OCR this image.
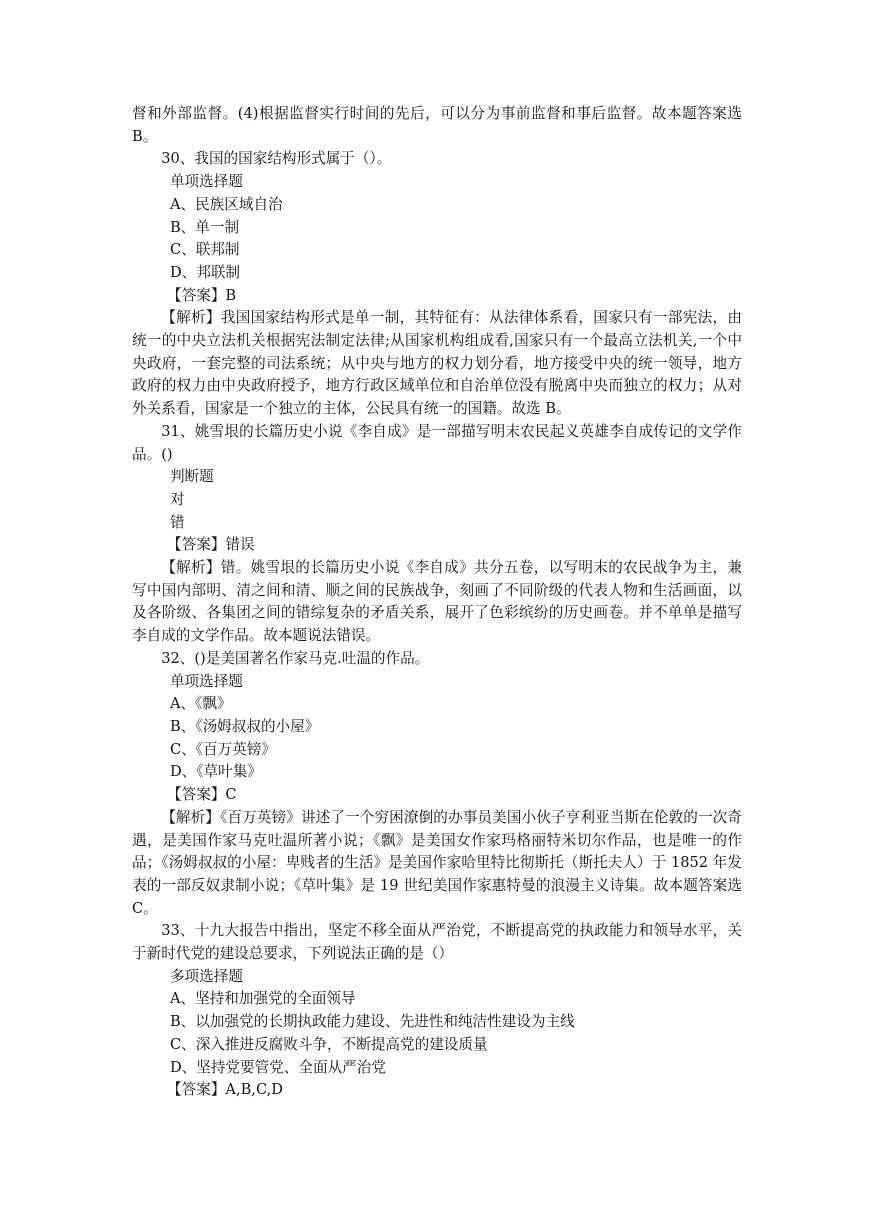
督和外部监督。(4)根据监督实行时间的先后，可以分为事前监督和事后监督。故本题答案选 B。

30、我国的国家结构形式属于（）。

单项选择题

A、民族区域自治

B、单一制

C、联邦制

D、邦联制

【答案】B

【解析】我国国家结构形式是单一制，其特征有：从法律体系看，国家只有一部宪法，由统一的中央立法机关根据宪法制定法律;从国家机构组成看,国家只有一个最高立法机关,一个中央政府，一套完整的司法系统；从中央与地方的权力划分看，地方接受中央的统一领导，地方政府的权力由中央政府授予，地方行政区域单位和自治单位没有脱离中央而独立的权力；从对外关系看，国家是一个独立的主体，公民具有统一的国籍。故选 B。

31、姚雪垠的长篇历史小说《李自成》是一部描写明末农民起义英雄李自成传记的文学作品。()

判断题

对

错

【答案】错误

【解析】错。姚雪垠的长篇历史小说《李自成》共分五卷，以写明末的农民战争为主，兼写中国内部明、清之间和清、顺之间的民族战争，刻画了不同阶级的代表人物和生活画面，以及各阶级、各集团之间的错综复杂的矛盾关系，展开了色彩缤纷的历史画卷。并不单单是描写李自成的文学作品。故本题说法错误。

32、()是美国著名作家马克.吐温的作品。

单项选择题

A、《飘》

B、《汤姆叔叔的小屋》

C、《百万英镑》

D、《草叶集》

【答案】C

【解析】《百万英镑》讲述了一个穷困潦倒的办事员美国小伙子亨利亚当斯在伦敦的一次奇遇，是美国作家马克吐温所著小说；《飘》是美国女作家玛格丽特米切尔作品，也是唯一的作品；《汤姆叔叔的小屋：卑贱者的生活》是美国作家哈里特比彻斯托（斯托夫人）于 1852 年发表的一部反奴隶制小说；《草叶集》是 19 世纪美国作家惠特曼的浪漫主义诗集。故本题答案选 C。

33、十九大报告中指出，坚定不移全面从严治党，不断提高党的执政能力和领导水平，关于新时代党的建设总要求，下列说法正确的是（）

多项选择题

A、坚持和加强党的全面领导

B、以加强党的长期执政能力建设、先进性和纯洁性建设为主线

C、深入推进反腐败斗争，不断提高党的建设质量

D、坚持党要管党、全面从严治党

【答案】A,B,C,D
